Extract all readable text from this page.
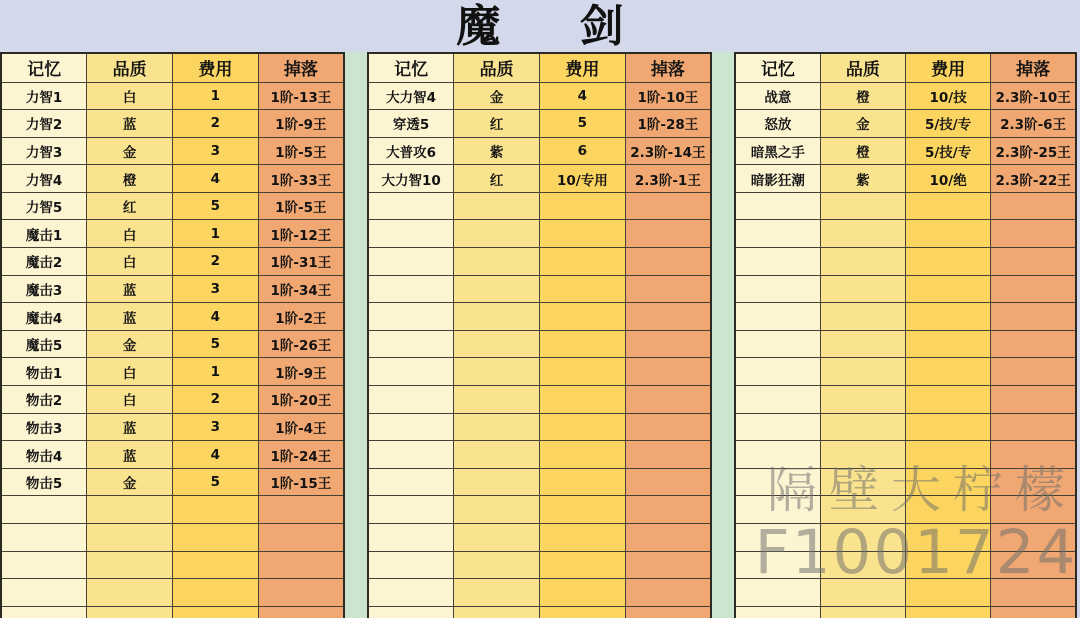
魔剑
记忆	品质	费用	掉落
力智1	白	1	1阶-13王
力智2	蓝	2	1阶-9王
力智3	金	3	1阶-5王
力智4	橙	4	1阶-33王
力智5	红	5	1阶-5王
魔击1	白	1	1阶-12王
魔击2	白	2	1阶-31王
魔击3	蓝	3	1阶-34王
魔击4	蓝	4	1阶-2王
魔击5	金	5	1阶-26王
物击1	白	1	1阶-9王
物击2	白	2	1阶-20王
物击3	蓝	3	1阶-4王
物击4	蓝	4	1阶-24王
物击5	金	5	1阶-15王

记忆	品质	费用	掉落
大力智4	金	4	1阶-10王
穿透5	红	5	1阶-28王
大普攻6	紫	6	2.3阶-14王
大力智10	红	10/专用	2.3阶-1王

记忆	品质	费用	掉落
战意	橙	10/技	2.3阶-10王
怒放	金	5/技/专	2.3阶-6王
暗黑之手	橙	5/技/专	2.3阶-25王
暗影狂潮	紫	10/绝	2.3阶-22王

隔壁大柠檬
F1001724
